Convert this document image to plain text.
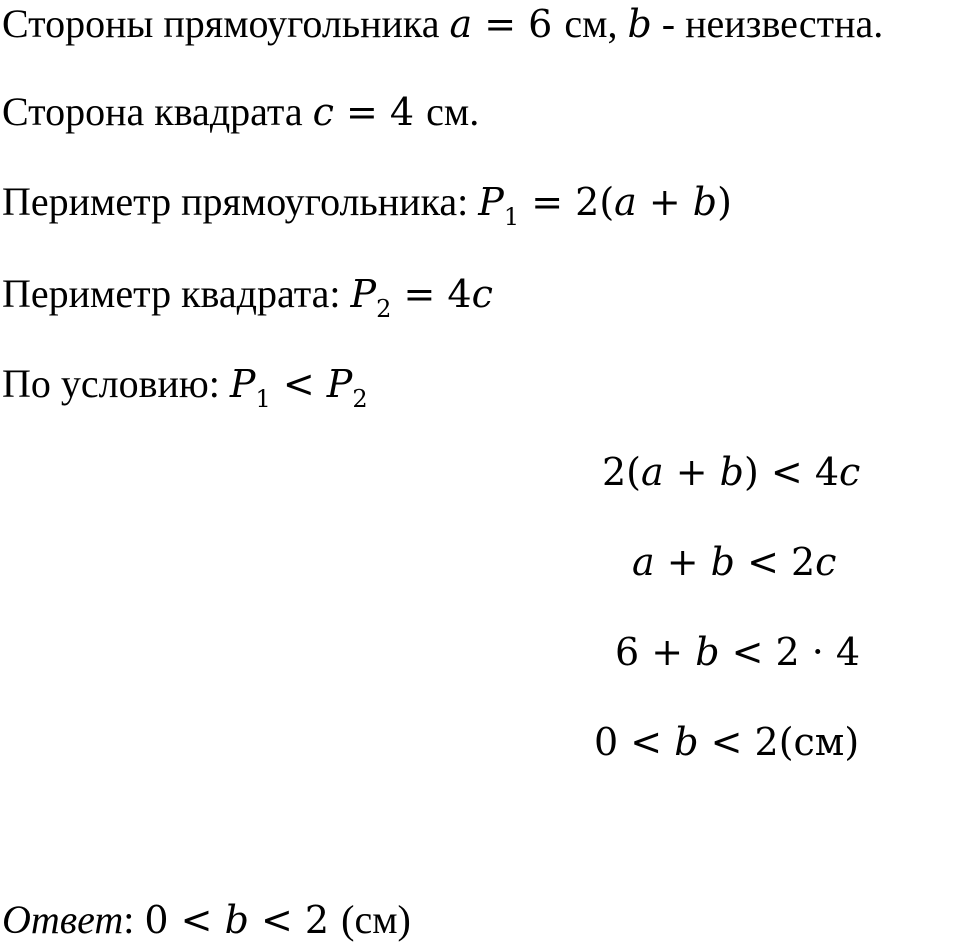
Стороны прямоугольника a = 6 см, b - неизвестна.
Сторона квадрата c = 4 см.
Периметр прямоугольника: $P_1 = 2(a + b)$
Периметр квадрата: $P_2 = 4c$
По условию: $P_1 < P_2$
2(a + b) < 4c
a + b < 2c
6 + b < 2 · 4
0 < b < 2(см)
Ответ: 0 < b < 2 (см)
